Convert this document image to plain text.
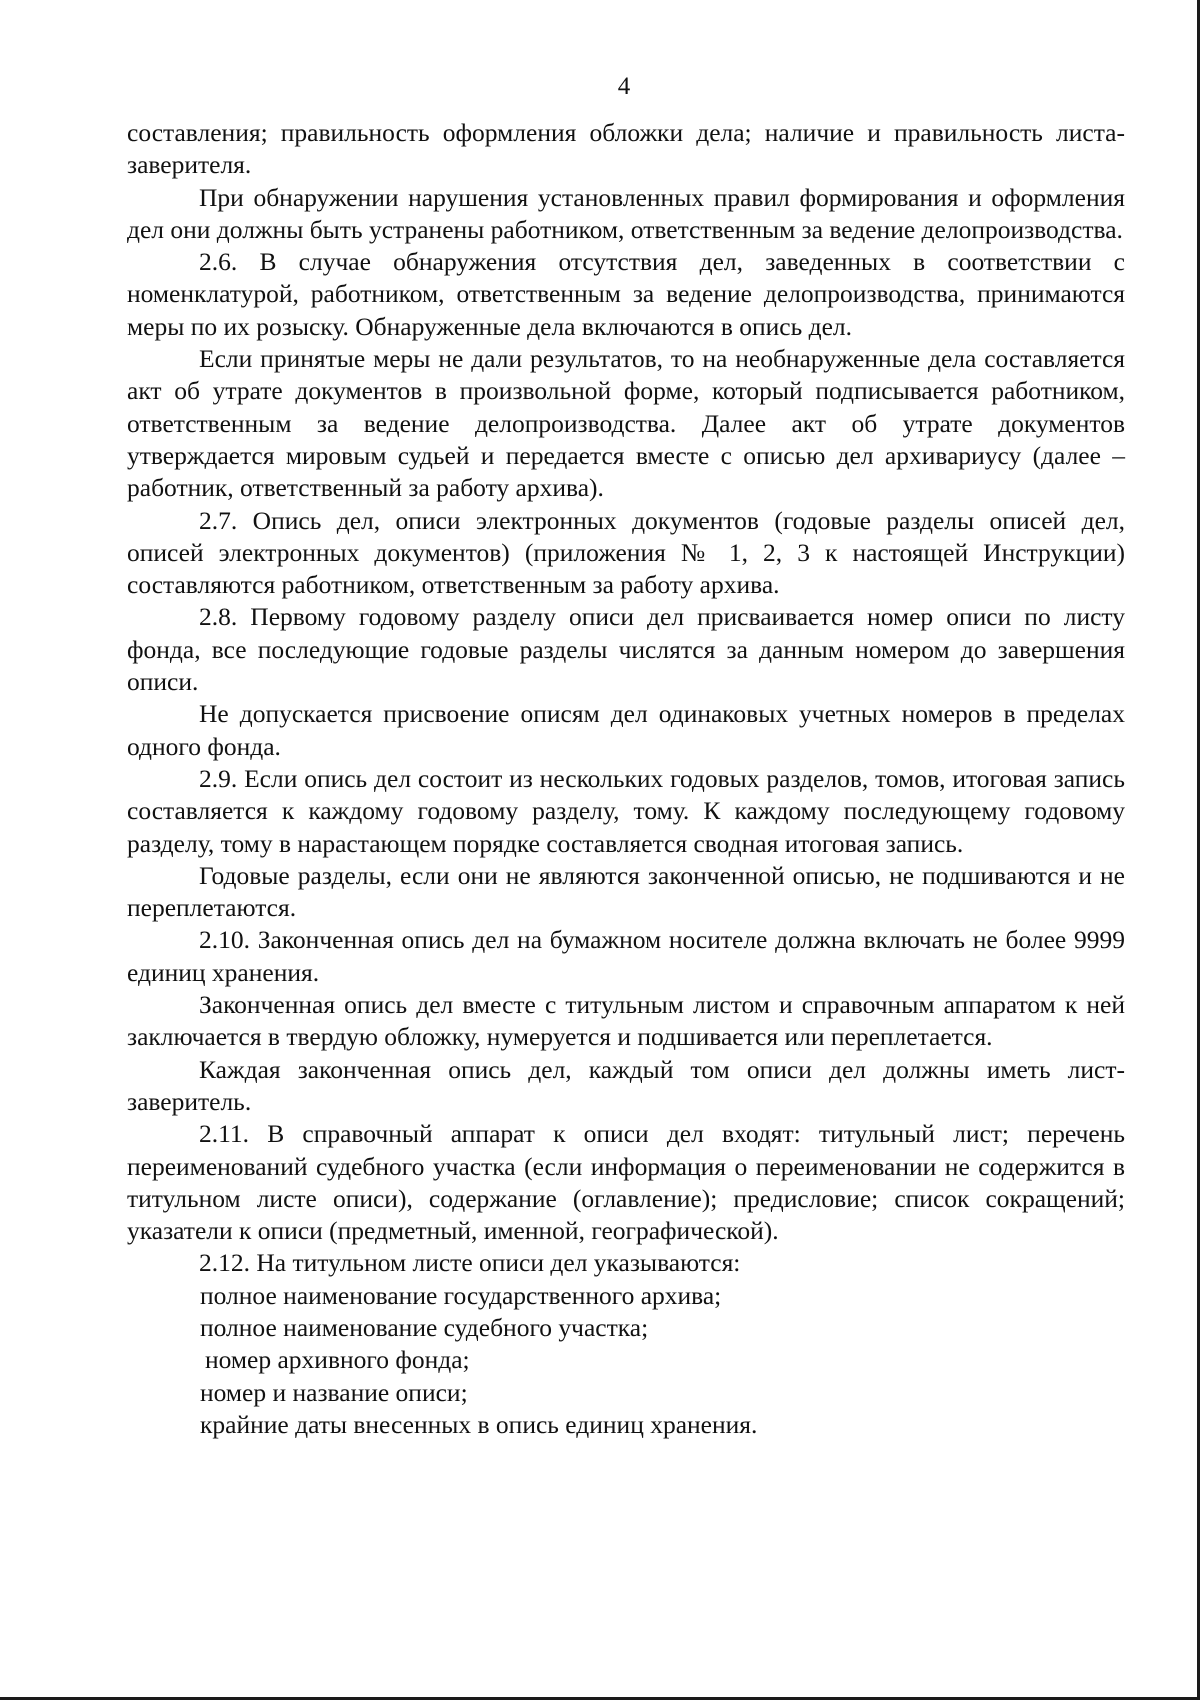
4

составления; правильность оформления обложки дела; наличие и правильность листа-заверителя.

При обнаружении нарушения установленных правил формирования и оформления дел они должны быть устранены работником, ответственным за ведение делопроизводства.

2.6. В случае обнаружения отсутствия дел, заведенных в соответствии с номенклатурой, работником, ответственным за ведение делопроизводства, принимаются меры по их розыску. Обнаруженные дела включаются в опись дел.

Если принятые меры не дали результатов, то на необнаруженные дела составляется акт об утрате документов в произвольной форме, который подписывается работником, ответственным за ведение делопроизводства. Далее акт об утрате документов утверждается мировым судьей и передается вместе с описью дел архивариусу (далее – работник, ответственный за работу архива).

2.7. Опись дел, описи электронных документов (годовые разделы описей дел, описей электронных документов) (приложения № 1, 2, 3 к настоящей Инструкции) составляются работником, ответственным за работу архива.

2.8. Первому годовому разделу описи дел присваивается номер описи по листу фонда, все последующие годовые разделы числятся за данным номером до завершения описи.

Не допускается присвоение описям дел одинаковых учетных номеров в пределах одного фонда.

2.9. Если опись дел состоит из нескольких годовых разделов, томов, итоговая запись составляется к каждому годовому разделу, тому. К каждому последующему годовому разделу, тому в нарастающем порядке составляется сводная итоговая запись.

Годовые разделы, если они не являются законченной описью, не подшиваются и не переплетаются.

2.10. Законченная опись дел на бумажном носителе должна включать не более 9999 единиц хранения.

Законченная опись дел вместе с титульным листом и справочным аппаратом к ней заключается в твердую обложку, нумеруется и подшивается или переплетается.

Каждая законченная опись дел, каждый том описи дел должны иметь лист-заверитель.

2.11. В справочный аппарат к описи дел входят: титульный лист; перечень переименований судебного участка (если информация о переименовании не содержится в титульном листе описи), содержание (оглавление); предисловие; список сокращений; указатели к описи (предметный, именной, географической).

2.12. На титульном листе описи дел указываются:

полное наименование государственного архива;

полное наименование судебного участка;

номер архивного фонда;

номер и название описи;

крайние даты внесенных в опись единиц хранения.
